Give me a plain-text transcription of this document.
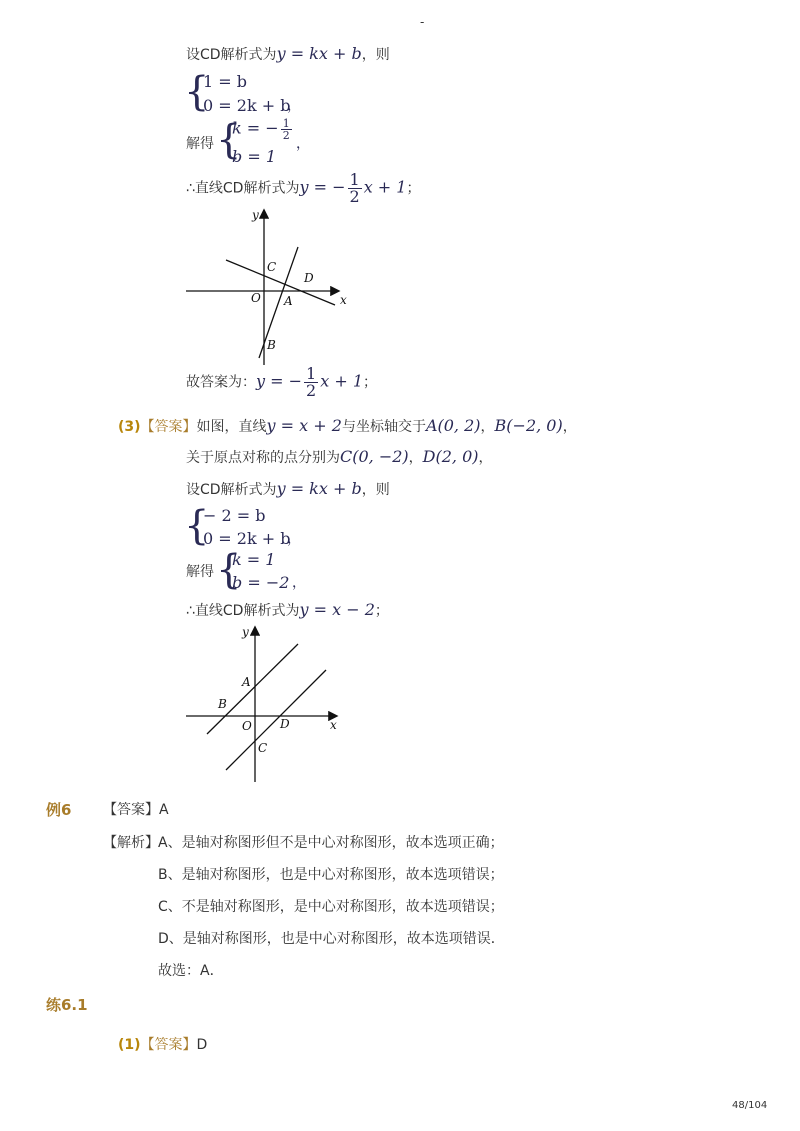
-
设CD解析式为y = kx + b，则
{
1 = b
0 = 2k + b
，
解得 {
k = − $\frac{1}{2}$
b = 1
，
∴直线CD解析式为y = − $\frac{1}{2}$ x + 1；
y
x
O A
B
C
D
故答案为：y = − $\frac{1}{2}$ x + 1；
(3)【答案】如图，直线y = x + 2与坐标轴交于A(0, 2)，B(−2, 0)，
关于原点对称的点分别为C(0, −2)，D(2, 0)，
设CD解析式为y = kx + b，则
{
− 2 = b
0 = 2k + b
，
解得 {
k = 1
b = −2 ，
∴直线CD解析式为y = x − 2；
y
x
O
A
B
C
D
例6 【答案】A
【解析】 A、是轴对称图形但不是中心对称图形，故本选项正确；
B、是轴对称图形，也是中心对称图形，故本选项错误；
C、不是轴对称图形，是中心对称图形，故本选项错误；
D、是轴对称图形，也是中心对称图形，故本选项错误．
故选：A．
练6.1
(1)【答案】D
48/104
